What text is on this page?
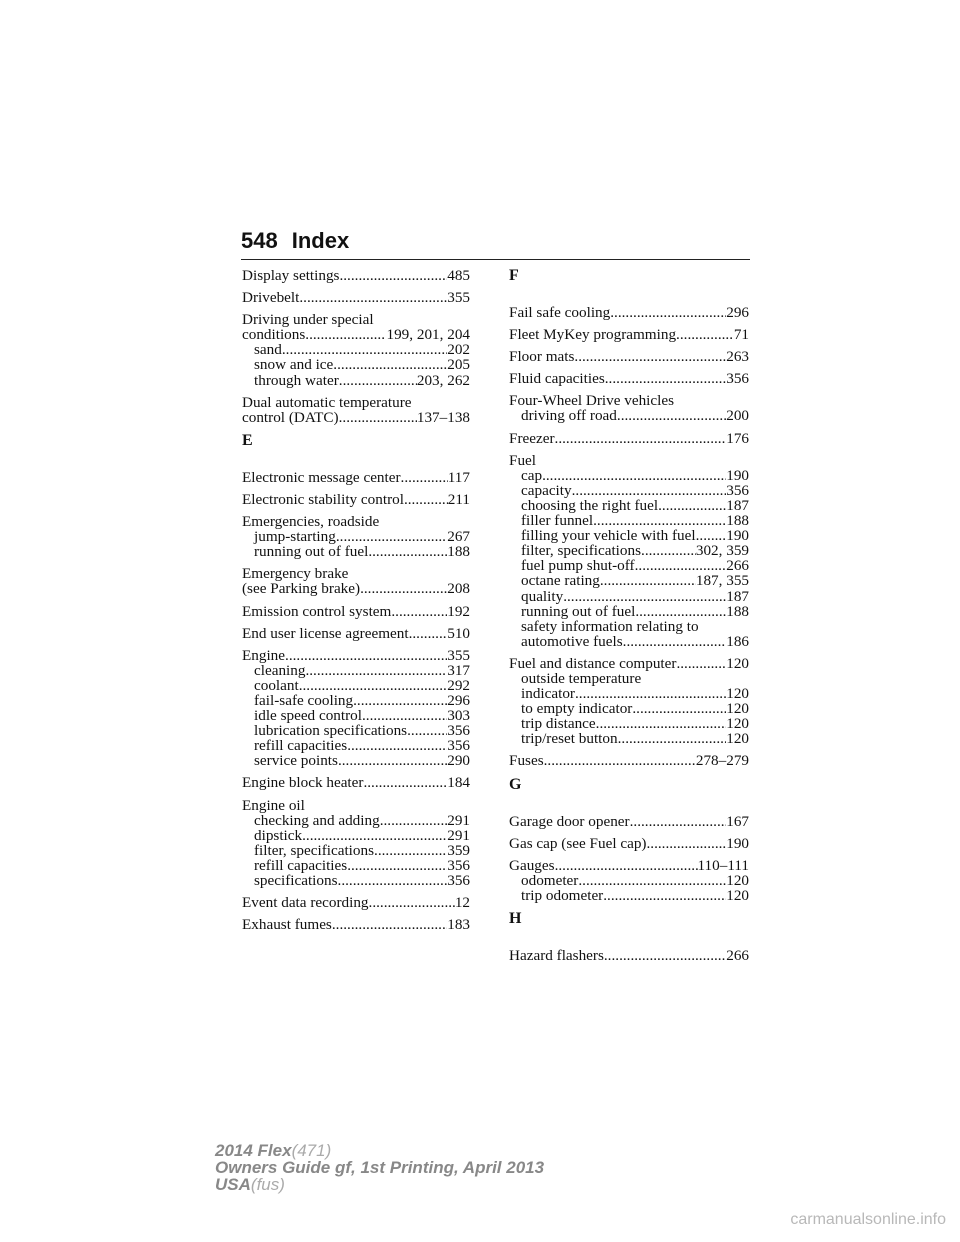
548 Index
Display settings .....	485
Drivebelt .....	355
Driving under special
conditions .....	199, 201, 204
sand .....	202
snow and ice .....	205
through water .....	203, 262
Dual automatic temperature
control (DATC) .....	137–138
E
Electronic message center .....	117
Electronic stability control .....	211
Emergencies, roadside
jump-starting .....	267
running out of fuel .....	188
Emergency brake
(see Parking brake) .....	208
Emission control system .....	192
End user license agreement .....	510
Engine .....	355
cleaning .....	317
coolant .....	292
fail-safe cooling .....	296
idle speed control .....	303
lubrication specifications .....	356
refill capacities .....	356
service points .....	290
Engine block heater .....	184
Engine oil
checking and adding .....	291
dipstick .....	291
filter, specifications .....	359
refill capacities .....	356
specifications .....	356
Event data recording .....	12
Exhaust fumes .....	183
F
Fail safe cooling .....	296
Fleet MyKey programming .....	71
Floor mats .....	263
Fluid capacities .....	356
Four-Wheel Drive vehicles
driving off road .....	200
Freezer .....	176
Fuel
cap .....	190
capacity .....	356
choosing the right fuel .....	187
filler funnel .....	188
filling your vehicle with fuel ..... 190
filter, specifications .....	302, 359
fuel pump shut-off .....	266
octane rating .....	187, 355
quality .....	187
running out of fuel .....	188
safety information relating to
automotive fuels .....	186
Fuel and distance computer .....	120
outside temperature
indicator .....	120
to empty indicator .....	120
trip distance .....	120
trip/reset button .....	120
Fuses .....	278–279
G
Garage door opener .....	167
Gas cap (see Fuel cap) .....	190
Gauges .....	110–111
odometer .....	120
trip odometer .....	120
H
Hazard flashers .....	266
2014 Flex(471)
Owners Guide gf, 1st Printing, April 2013
USA(fus)
carmanualsonline.info
